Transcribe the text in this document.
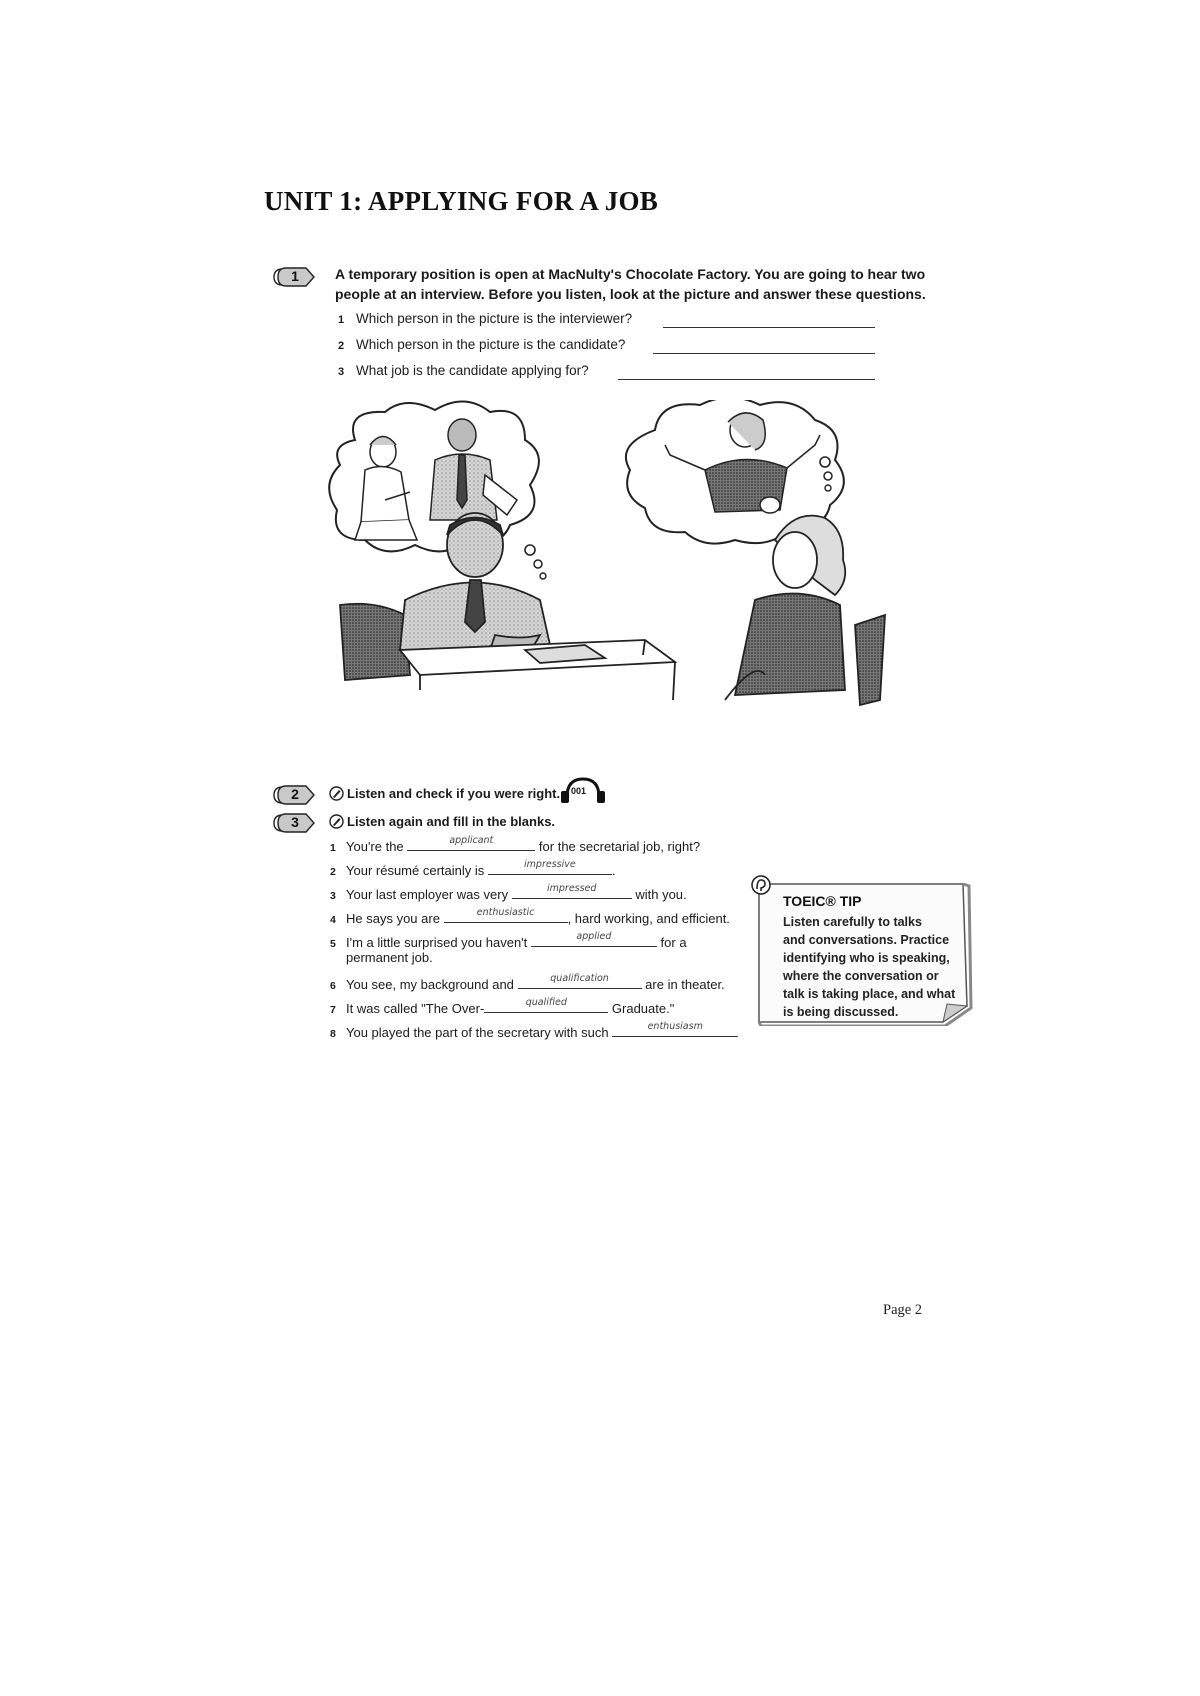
UNIT 1: APPLYING FOR A JOB
1	A temporary position is open at MacNulty's Chocolate Factory. You are going to hear two
people at an interview. Before you listen, look at the picture and answer these questions.
1 Which person in the picture is the interviewer?
2 Which person in the picture is the candidate?
3 What job is the candidate applying for?
2	Listen and check if you were right. 001
3	Listen again and fill in the blanks.
1 You're the	applicant	for the secretarial job, right?
2 Your résumé certainly is	impressive	.
3 Your last employer was very	impressed	with you.
4 He says you are	enthusiastic	, hard working, and efficient.
5 I'm a little surprised you haven't	applied	for a
permanent job.
6 You see, my background and	qualification	are in theater.
7 It was called "The Over-	qualified	Graduate."
8 You played the part of the secretary with such	enthusiasm
TOEIC® TIP
Listen carefully to talks
and conversations. Practice
identifying who is speaking,
where the conversation or
talk is taking place, and what
is being discussed.
Page 2
